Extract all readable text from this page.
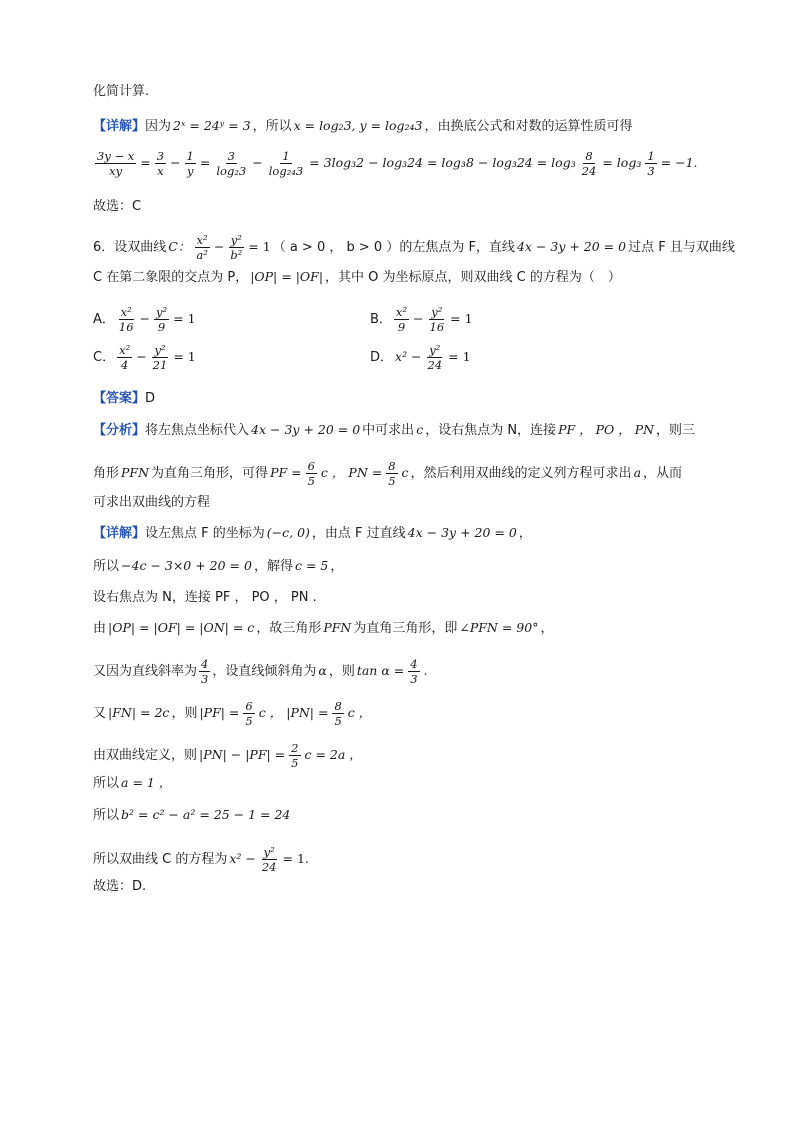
化简计算.
【详解】 因为 2ˣ = 24ʸ = 3 ，所以 x = log₂3, y = log₂₄3 ，由换底公式和对数的运算性质可得
$\frac{3y - x}{xy} = \frac{3}{x} - \frac{1}{y} = \frac{3}{\text{log₂3}} - \frac{1}{\text{log₂₄3}} = 3\log_32 - \log_324 = \log_38 - \log_324 = \log_3 \frac{8}{24} = \log_3 \frac{1}{3} = -1$.
故选：C
6．设双曲线 C： $\frac{\text{x²}}{\text{a²}} - \frac{\text{y²}}{\text{b²}} = 1$ （ a > 0 ， b > 0 ） 的左焦点为 F，直线 4x − 3y + 20 = 0 过点 F 且与双曲线
C 在第二象限的交点为 P， |OP| = |OF| ，其中 O 为坐标原点，则双曲线 C 的方程为（　）
A． $\frac{\text{x²}}{16} - \frac{\text{y²}}{9} = 1$	B． $\frac{\text{x²}}{9} - \frac{\text{y²}}{16} = 1$
C． $\frac{\text{x²}}{4} - \frac{\text{y²}}{21} = 1$	D． $x^2 - \frac{\text{y²}}{24} = 1$
【答案】 D
【分析】 将左焦点坐标代入 4x − 3y + 20 = 0 中可求出 c ，设右焦点为 N，连接 PF ， PO ， PN ，则三
角形 PFN 为直角三角形，可得 PF = $\frac{6}{5}$ c ， PN = $\frac{8}{5}$ c ，然后利用双曲线的定义列方程可求出 a ，从而
可求出双曲线的方程
【详解】 设左焦点 F 的坐标为 (−c, 0) ，由点 F 过直线 4x − 3y + 20 = 0 ，
所以 −4c − 3×0 + 20 = 0 ，解得 c = 5 ，
设右焦点为 N，连接 PF ， PO ， PN .
由 |OP| = |OF| = |ON| = c ，故三角形 PFN 为直角三角形，即 ∠PFN = 90° ，
又因为直线斜率为 $\frac{4}{3}$ ，设直线倾斜角为 α ，则 $\tan \alpha = \frac{4}{3}$ .
又 |FN| = 2c ，则 $|PF| = \frac{6}{5}$ c ， $|PN| = \frac{8}{5}$ c ，
由双曲线定义，则 $|PN| - |PF| = \frac{2}{5}$ c = 2a ，
所以 a = 1 ，
所以 b² = c² − a² = 25 − 1 = 24
所以双曲线 C 的方程为 $x^2 - \frac{\text{y²}}{24} = 1$.
故选：D.
